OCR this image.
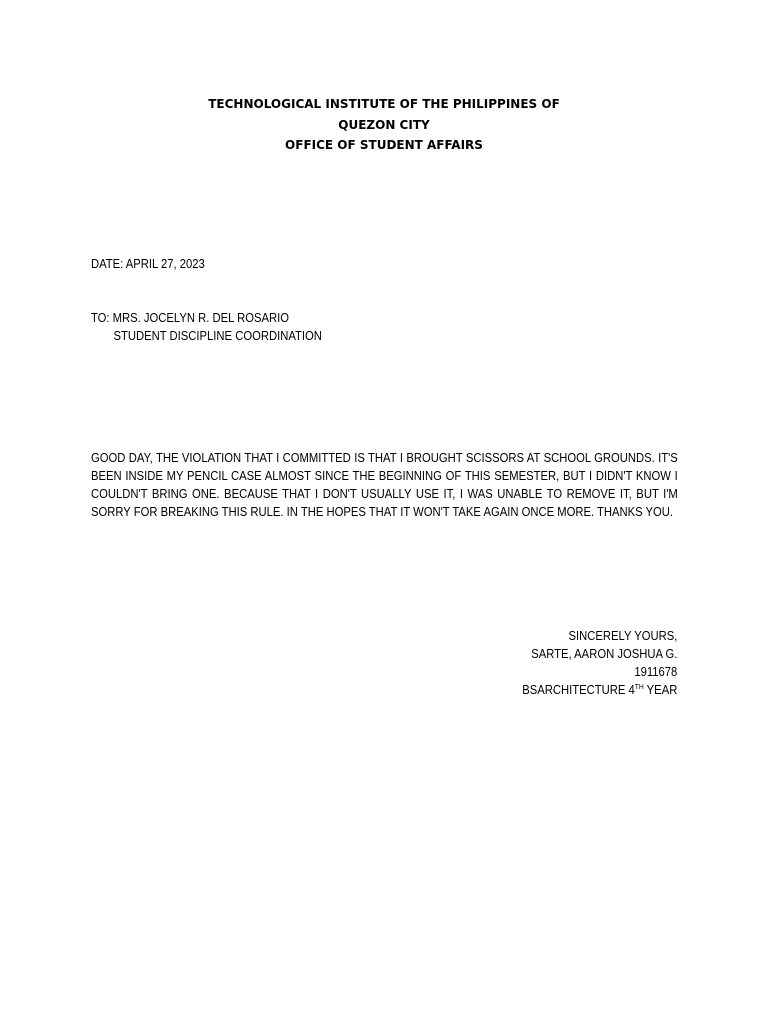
TECHNOLOGICAL INSTITUTE OF THE PHILIPPINES OF
QUEZON CITY
OFFICE OF STUDENT AFFAIRS
DATE: APRIL 27, 2023
TO: MRS. JOCELYN R. DEL ROSARIO
STUDENT DISCIPLINE COORDINATION
GOOD DAY, THE VIOLATION THAT I COMMITTED IS THAT I BROUGHT SCISSORS AT SCHOOL GROUNDS. IT'S BEEN INSIDE MY PENCIL CASE ALMOST SINCE THE BEGINNING OF THIS SEMESTER, BUT I DIDN'T KNOW I COULDN'T BRING ONE. BECAUSE THAT I DON'T USUALLY USE IT, I WAS UNABLE TO REMOVE IT, BUT I'M SORRY FOR BREAKING THIS RULE. IN THE HOPES THAT IT WON'T TAKE AGAIN ONCE MORE. THANKS YOU.
SINCERELY YOURS,
SARTE, AARON JOSHUA G.
1911678
BSARCHITECTURE 4TH YEAR
